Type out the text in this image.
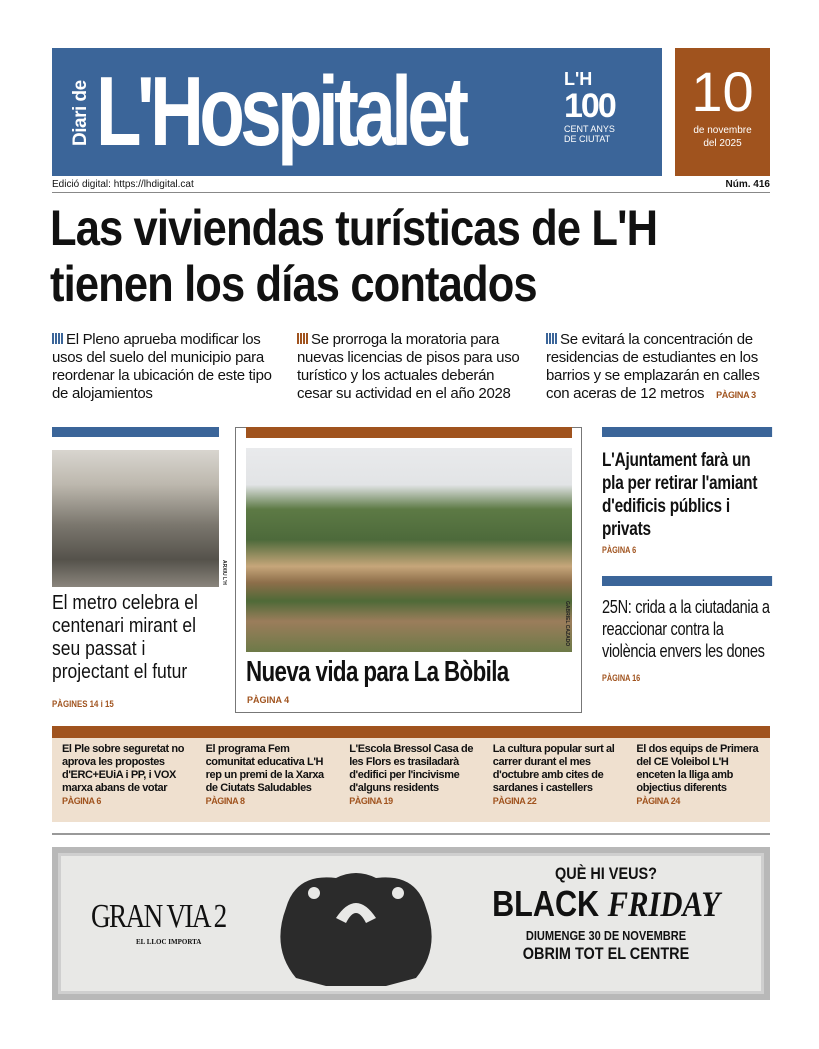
Diari de L'Hospitalet	L'H
100
CENT ANYS
DE CIUTAT
10
de novembre
del 2025
Edició digital: https://lhdigital.cat	Núm. 416
Las viviendas turísticas de L'H tienen los días contados
El Pleno aprueba modificar los usos del suelo del municipio para reordenar la ubicación de este tipo de alojamientos
Se prorroga la moratoria para nuevas licencias de pisos para uso turístico y los actuales deberán cesar su actividad en el año 2028
Se evitará la concentración de residencias de estudiantes en los barrios y se emplazarán en calles con aceras de 12 metros PÀGINA 3
ARXIU L'H
El metro celebra el centenari mirant el seu passat i projectant el futur
PÀGINES 14 i 15
GABRIEL CAZADO
Nueva vida para La Bòbila
PÀGINA 4
L'Ajuntament farà un pla per retirar l'amiant d'edificis públics i privats
PÀGINA 6
25N: crida a la ciutadania a reaccionar contra la violència envers les dones
PÀGINA 16
El Ple sobre seguretat no aprova les propostes d'ERC+EUiA i PP, i VOX marxa abans de votar
PÀGINA 6
El programa Fem comunitat educativa L'H rep un premi de la Xarxa de Ciutats Saludables
PÀGINA 8
L'Escola Bressol Casa de les Flors es trasiladarà d'edifici per l'incivisme d'alguns residents
PÀGINA 19
La cultura popular surt al carrer durant el mes d'octubre amb cites de sardanes i castellers
PÀGINA 22
El dos equips de Primera del CE Voleibol L'H enceten la lliga amb objectius diferents
PÀGINA 24
GRAN VIA 2
EL LLOC IMPORTA
QUÈ HI VEUS?
BLACK FRIDAY
DIUMENGE 30 DE NOVEMBRE
OBRIM TOT EL CENTRE
